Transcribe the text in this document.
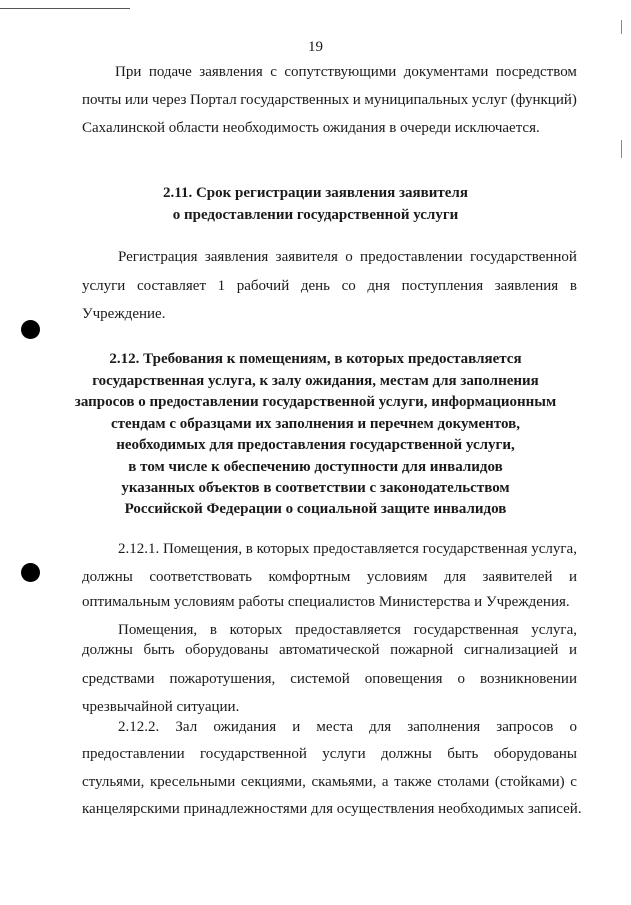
19
При подаче заявления с сопутствующими документами посредством
почты или через Портал государственных и муниципальных услуг (функций)
Сахалинской области необходимость ожидания в очереди исключается.
2.11. Срок регистрации заявления заявителя
о предоставлении государственной услуги
Регистрация заявления заявителя о предоставлении государственной
услуги составляет 1 рабочий день со дня поступления заявления в
Учреждение.
2.12. Требования к помещениям, в которых предоставляется
государственная услуга, к залу ожидания, местам для заполнения
запросов о предоставлении государственной услуги, информационным
стендам с образцами их заполнения и перечнем документов,
необходимых для предоставления государственной услуги,
в том числе к обеспечению доступности для инвалидов
указанных объектов в соответствии с законодательством
Российской Федерации о социальной защите инвалидов
2.12.1. Помещения, в которых предоставляется государственная услуга,
должны соответствовать комфортным условиям для заявителей и
оптимальным условиям работы специалистов Министерства и Учреждения.
Помещения, в которых предоставляется государственная услуга,
должны быть оборудованы автоматической пожарной сигнализацией и
средствами пожаротушения, системой оповещения о возникновении
чрезвычайной ситуации.
2.12.2. Зал ожидания и места для заполнения запросов о
предоставлении государственной услуги должны быть оборудованы
стульями, кресельными секциями, скамьями, а также столами (стойками) с
канцелярскими принадлежностями для осуществления необходимых записей.
